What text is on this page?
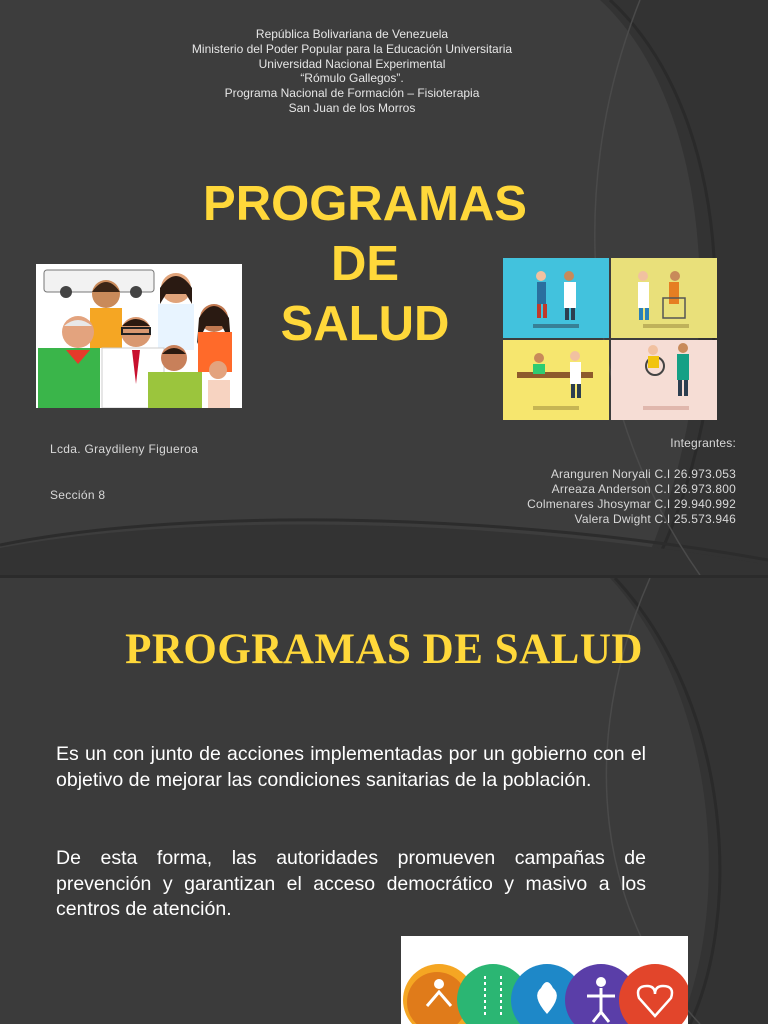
República Bolivariana de Venezuela
Ministerio del Poder Popular para la Educación Universitaria
Universidad Nacional Experimental
“Rómulo Gallegos”.
Programa Nacional de Formación – Fisioterapia
San Juan de los Morros
PROGRAMAS
DE
SALUD
Lcda. Graydileny Figueroa
Sección 8
Integrantes:
Aranguren Noryali C.I 26.973.053
Arreaza Anderson C.I 26.973.800
Colmenares Jhosymar C.I 29.940.992
Valera Dwight C.I 25.573.946
PROGRAMAS DE SALUD

Es un con junto de acciones implementadas por un gobierno con el objetivo de mejorar las condiciones sanitarias de la población.

De esta forma, las autoridades promueven campañas de prevención y garantizan el acceso democrático y masivo a los centros de atención.
